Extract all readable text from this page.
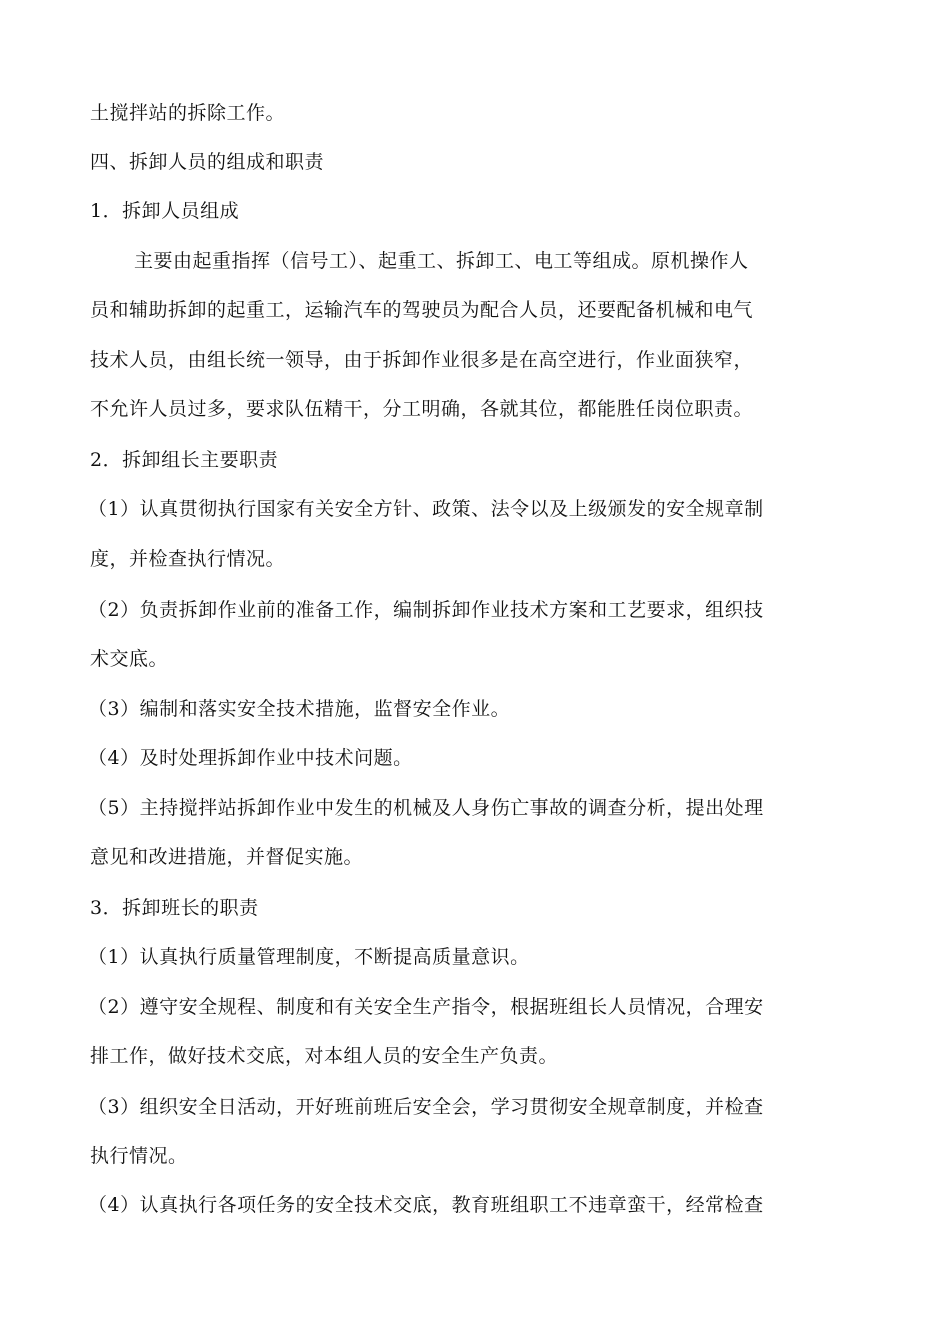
土搅拌站的拆除工作。
四、拆卸人员的组成和职责
1．拆卸人员组成
主要由起重指挥（信号工）、起重工、拆卸工、电工等组成。原机操作人
员和辅助拆卸的起重工，运输汽车的驾驶员为配合人员，还要配备机械和电气
技术人员，由组长统一领导，由于拆卸作业很多是在高空进行，作业面狭窄，
不允许人员过多，要求队伍精干，分工明确，各就其位，都能胜任岗位职责。
2．拆卸组长主要职责
（1）认真贯彻执行国家有关安全方针、政策、法令以及上级颁发的安全规章制
度，并检查执行情况。
（2）负责拆卸作业前的准备工作，编制拆卸作业技术方案和工艺要求，组织技
术交底。
（3）编制和落实安全技术措施，监督安全作业。
（4）及时处理拆卸作业中技术问题。
（5）主持搅拌站拆卸作业中发生的机械及人身伤亡事故的调查分析，提出处理
意见和改进措施，并督促实施。
3．拆卸班长的职责
（1）认真执行质量管理制度，不断提高质量意识。
（2）遵守安全规程、制度和有关安全生产指令，根据班组长人员情况，合理安
排工作，做好技术交底，对本组人员的安全生产负责。
（3）组织安全日活动，开好班前班后安全会，学习贯彻安全规章制度，并检查
执行情况。
（4）认真执行各项任务的安全技术交底，教育班组职工不违章蛮干，经常检查
